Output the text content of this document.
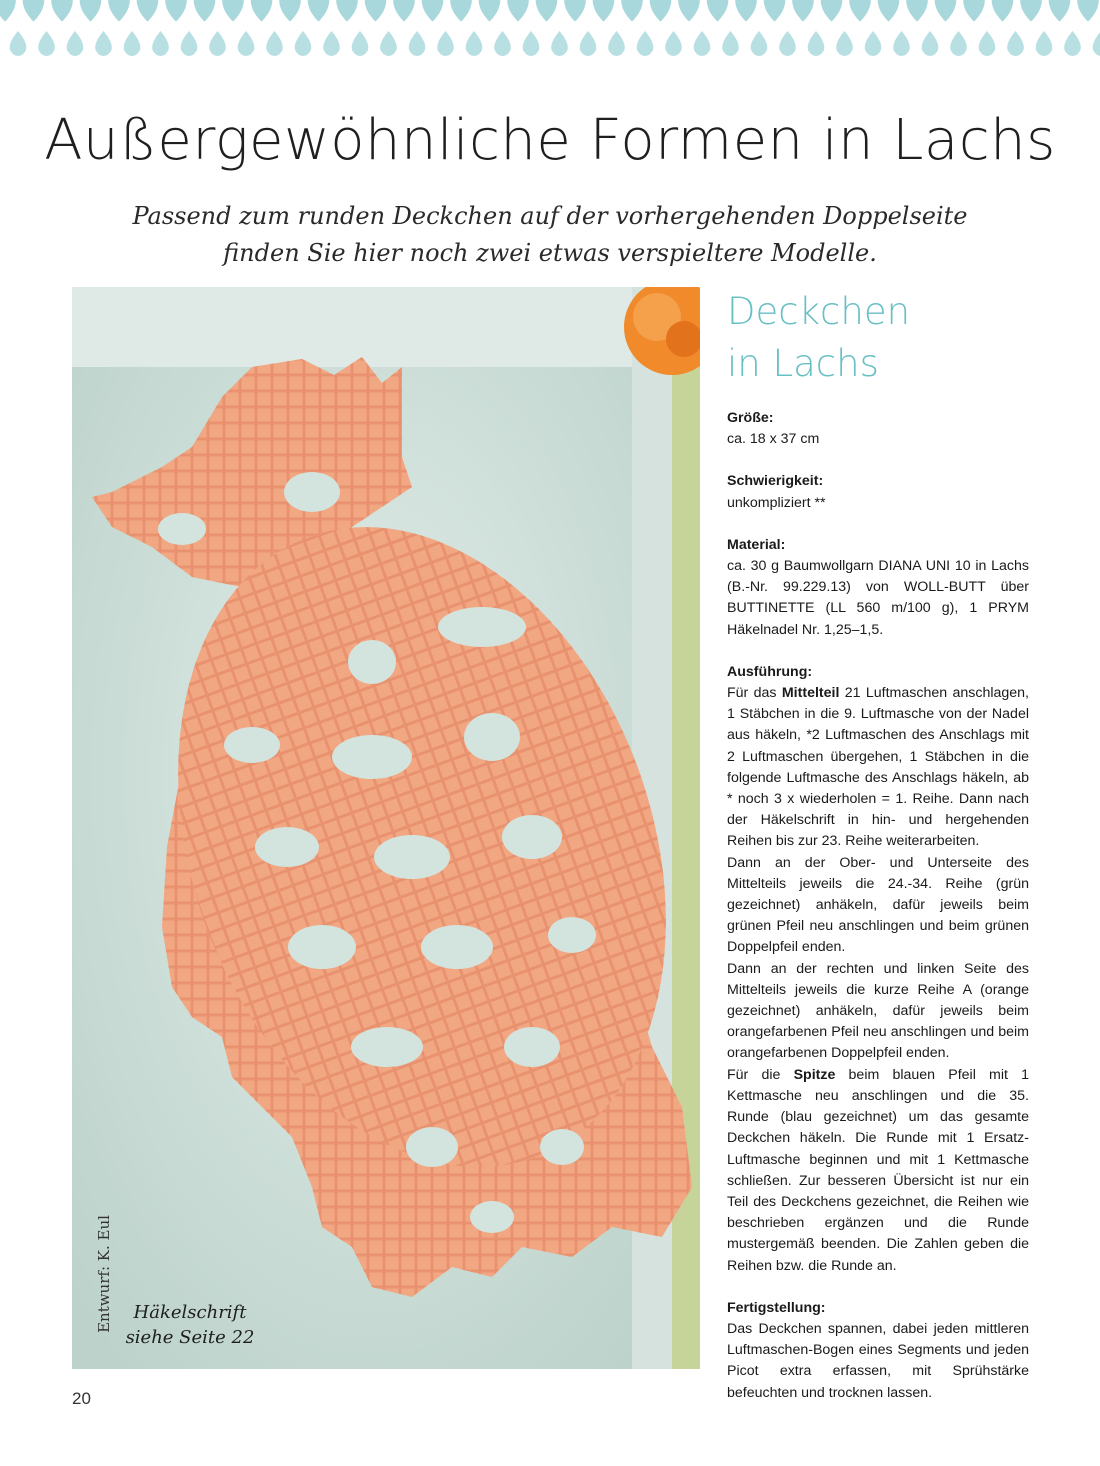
Außergewöhnliche Formen in Lachs
Passend zum runden Deckchen auf der vorhergehenden Doppelseite
finden Sie hier noch zwei etwas verspieltere Modelle.
Entwurf: K. Eul	Häkelschrift
siehe Seite 22
Deckchen
in Lachs
Größe:
ca. 18 x 37 cm
Schwierigkeit:
unkompliziert **
Material:
ca. 30 g Baumwollgarn DIANA UNI 10 in Lachs (B.-Nr. 99.229.13) von WOLL-BUTT über BUTTINETTE (LL 560 m/100 g), 1 PRYM Häkelnadel Nr. 1,25–1,5.
Ausführung:
Für das Mittelteil 21 Luftmaschen anschlagen, 1 Stäbchen in die 9. Luftmasche von der Nadel aus häkeln, *2 Luftmaschen des Anschlags mit 2 Luftmaschen übergehen, 1 Stäbchen in die folgende Luftmasche des Anschlags häkeln, ab * noch 3 x wiederholen = 1. Reihe. Dann nach der Häkelschrift in hin- und hergehenden Reihen bis zur 23. Reihe weiterarbeiten.
Dann an der Ober- und Unterseite des Mittelteils jeweils die 24.-34. Reihe (grün gezeichnet) anhäkeln, dafür jeweils beim grünen Pfeil neu anschlingen und beim grünen Doppelpfeil enden.
Dann an der rechten und linken Seite des Mittelteils jeweils die kurze Reihe A (orange gezeichnet) anhäkeln, dafür jeweils beim orangefarbenen Pfeil neu anschlingen und beim orangefarbenen Doppelpfeil enden.
Für die Spitze beim blauen Pfeil mit 1 Kettmasche neu anschlingen und die 35. Runde (blau gezeichnet) um das gesamte Deckchen häkeln. Die Runde mit 1 Ersatz-Luftmasche beginnen und mit 1 Kettmasche schließen. Zur besseren Übersicht ist nur ein Teil des Deckchens gezeichnet, die Reihen wie beschrieben ergänzen und die Runde mustergemäß beenden. Die Zahlen geben die Reihen bzw. die Runde an.
Fertigstellung:
Das Deckchen spannen, dabei jeden mittleren Luftmaschen-Bogen eines Segments und jeden Picot extra erfassen, mit Sprühstärke befeuchten und trocknen lassen.
20
